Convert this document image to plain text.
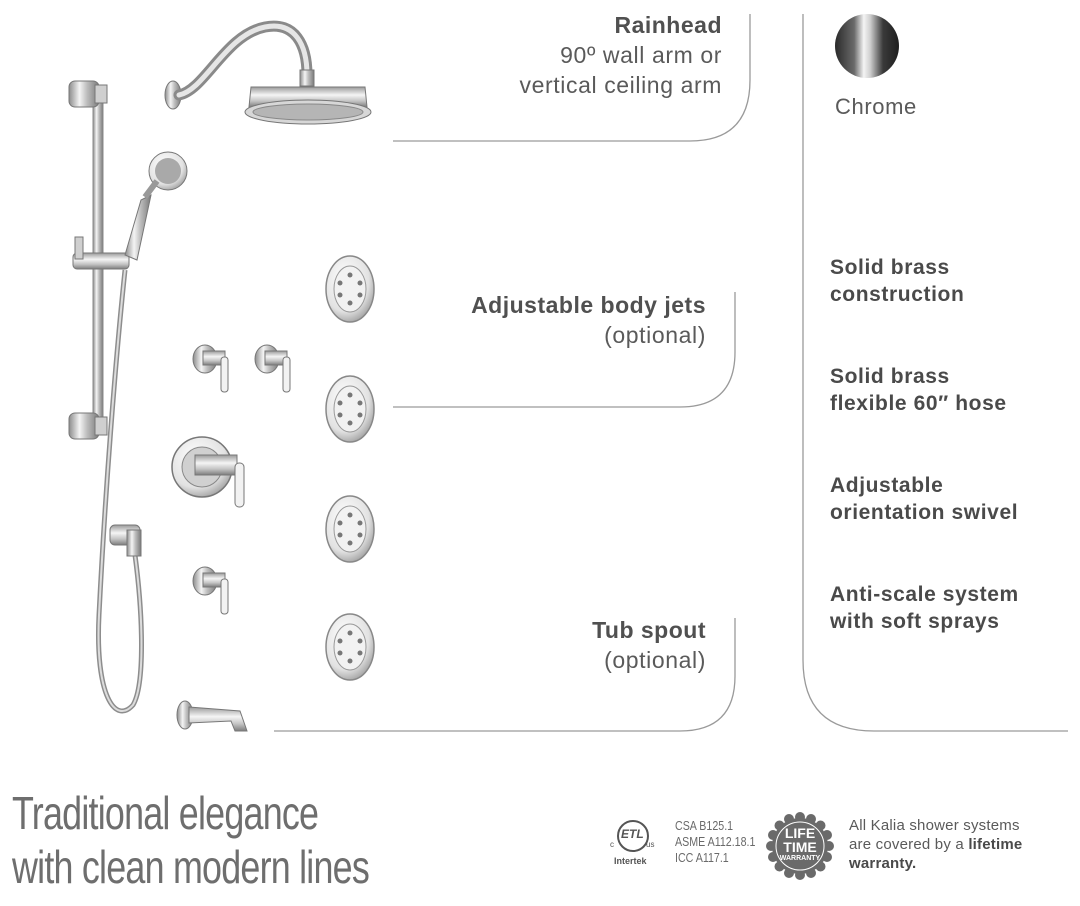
Rainhead
90º wall arm or
vertical ceiling arm
Adjustable body jets
(optional)
Tub spout
(optional)
Chrome
Solid brass
construction
Solid brass
flexible 60″ hose
Adjustable
orientation swivel
Anti-scale system
with soft sprays
Traditional elegance
with clean modern lines
ETL
c	us
Intertek
CSA B125.1
ASME A112.18.1
ICC A117.1
LIFE
TIME
WARRANTY
All Kalia shower systems
are covered by a lifetime
warranty.
